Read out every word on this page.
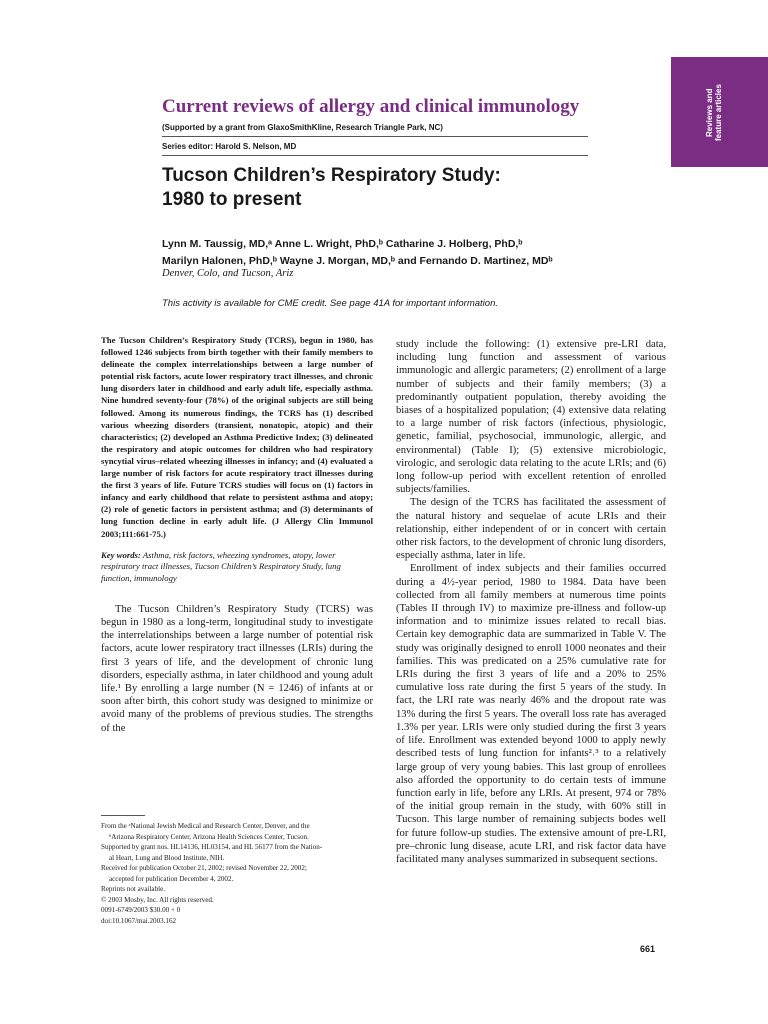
Reviews and
feature articles
Current reviews of allergy and clinical immunology
(Supported by a grant from GlaxoSmithKline, Research Triangle Park, NC)
Series editor: Harold S. Nelson, MD
Tucson Children’s Respiratory Study:
1980 to present
Lynn M. Taussig, MD,ᵃ Anne L. Wright, PhD,ᵇ Catharine J. Holberg, PhD,ᵇ
Marilyn Halonen, PhD,ᵇ Wayne J. Morgan, MD,ᵇ and Fernando D. Martinez, MDᵇ
Denver, Colo, and Tucson, Ariz
This activity is available for CME credit. See page 41A for important information.

The Tucson Children’s Respiratory Study (TCRS), begun in 1980, has followed 1246 subjects from birth together with their family members to delineate the complex interrelationships between a large number of potential risk factors, acute lower respiratory tract illnesses, and chronic lung disorders later in childhood and early adult life, especially asthma. Nine hundred seventy-four (78%) of the original subjects are still being followed. Among its numerous findings, the TCRS has (1) described various wheezing disorders (transient, nonatopic, atopic) and their characteristics; (2) developed an Asthma Predictive Index; (3) delineated the respiratory and atopic outcomes for children who had respiratory syncytial virus–related wheezing illnesses in infancy; and (4) evaluated a large number of risk factors for acute respiratory tract illnesses during the first 3 years of life. Future TCRS studies will focus on (1) factors in infancy and early childhood that relate to persistent asthma and atopy; (2) role of genetic factors in persistent asthma; and (3) determinants of lung function decline in early adult life. (J Allergy Clin Immunol 2003;111:661-75.)

Key words: Asthma, risk factors, wheezing syndromes, atopy, lower respiratory tract illnesses, Tucson Children’s Respiratory Study, lung function, immunology

The Tucson Children’s Respiratory Study (TCRS) was begun in 1980 as a long-term, longitudinal study to investigate the interrelationships between a large number of potential risk factors, acute lower respiratory tract illnesses (LRIs) during the first 3 years of life, and the development of chronic lung disorders, especially asthma, in later childhood and young adult life.¹ By enrolling a large number (N = 1246) of infants at or soon after birth, this cohort study was designed to minimize or avoid many of the problems of previous studies. The strengths of the

study include the following: (1) extensive pre-LRI data, including lung function and assessment of various immunologic and allergic parameters; (2) enrollment of a large number of subjects and their family members; (3) a predominantly outpatient population, thereby avoiding the biases of a hospitalized population; (4) extensive data relating to a large number of risk factors (infectious, physiologic, genetic, familial, psychosocial, immunologic, allergic, and environmental) (Table I); (5) extensive microbiologic, virologic, and serologic data relating to the acute LRIs; and (6) long follow-up period with excellent retention of enrolled subjects/families.

The design of the TCRS has facilitated the assessment of the natural history and sequelae of acute LRIs and their relationship, either independent of or in concert with certain other risk factors, to the development of chronic lung disorders, especially asthma, later in life.

Enrollment of index subjects and their families occurred during a 4½-year period, 1980 to 1984. Data have been collected from all family members at numerous time points (Tables II through IV) to maximize pre-illness and follow-up information and to minimize issues related to recall bias. Certain key demographic data are summarized in Table V. The study was originally designed to enroll 1000 neonates and their families. This was predicated on a 25% cumulative rate for LRIs during the first 3 years of life and a 20% to 25% cumulative loss rate during the first 5 years of the study. In fact, the LRI rate was nearly 46% and the dropout rate was 13% during the first 5 years. The overall loss rate has averaged 1.3% per year. LRIs were only studied during the first 3 years of life. Enrollment was extended beyond 1000 to apply newly described tests of lung function for infants²˒³ to a relatively large group of very young babies. This last group of enrollees also afforded the opportunity to do certain tests of immune function early in life, before any LRIs. At present, 974 or 78% of the initial group remain in the study, with 60% still in Tucson. This large number of remaining subjects bodes well for future follow-up studies. The extensive amount of pre-LRI, pre–chronic lung disease, acute LRI, and risk factor data have facilitated many analyses summarized in subsequent sections.

From the ᵃNational Jewish Medical and Research Center, Denver, and the
ᵇArizona Respiratory Center, Arizona Health Sciences Center, Tucson.
Supported by grant nos. HL14136, HL03154, and HL 56177 from the Nation-
al Heart, Lung and Blood Institute, NIH.
Received for publication October 21, 2002; revised November 22, 2002;
accepted for publication December 4, 2002.
Reprints not available.
© 2003 Mosby, Inc. All rights reserved.
0091-6749/2003 $30.00 + 0
doi:10.1067/mai.2003.162
661
